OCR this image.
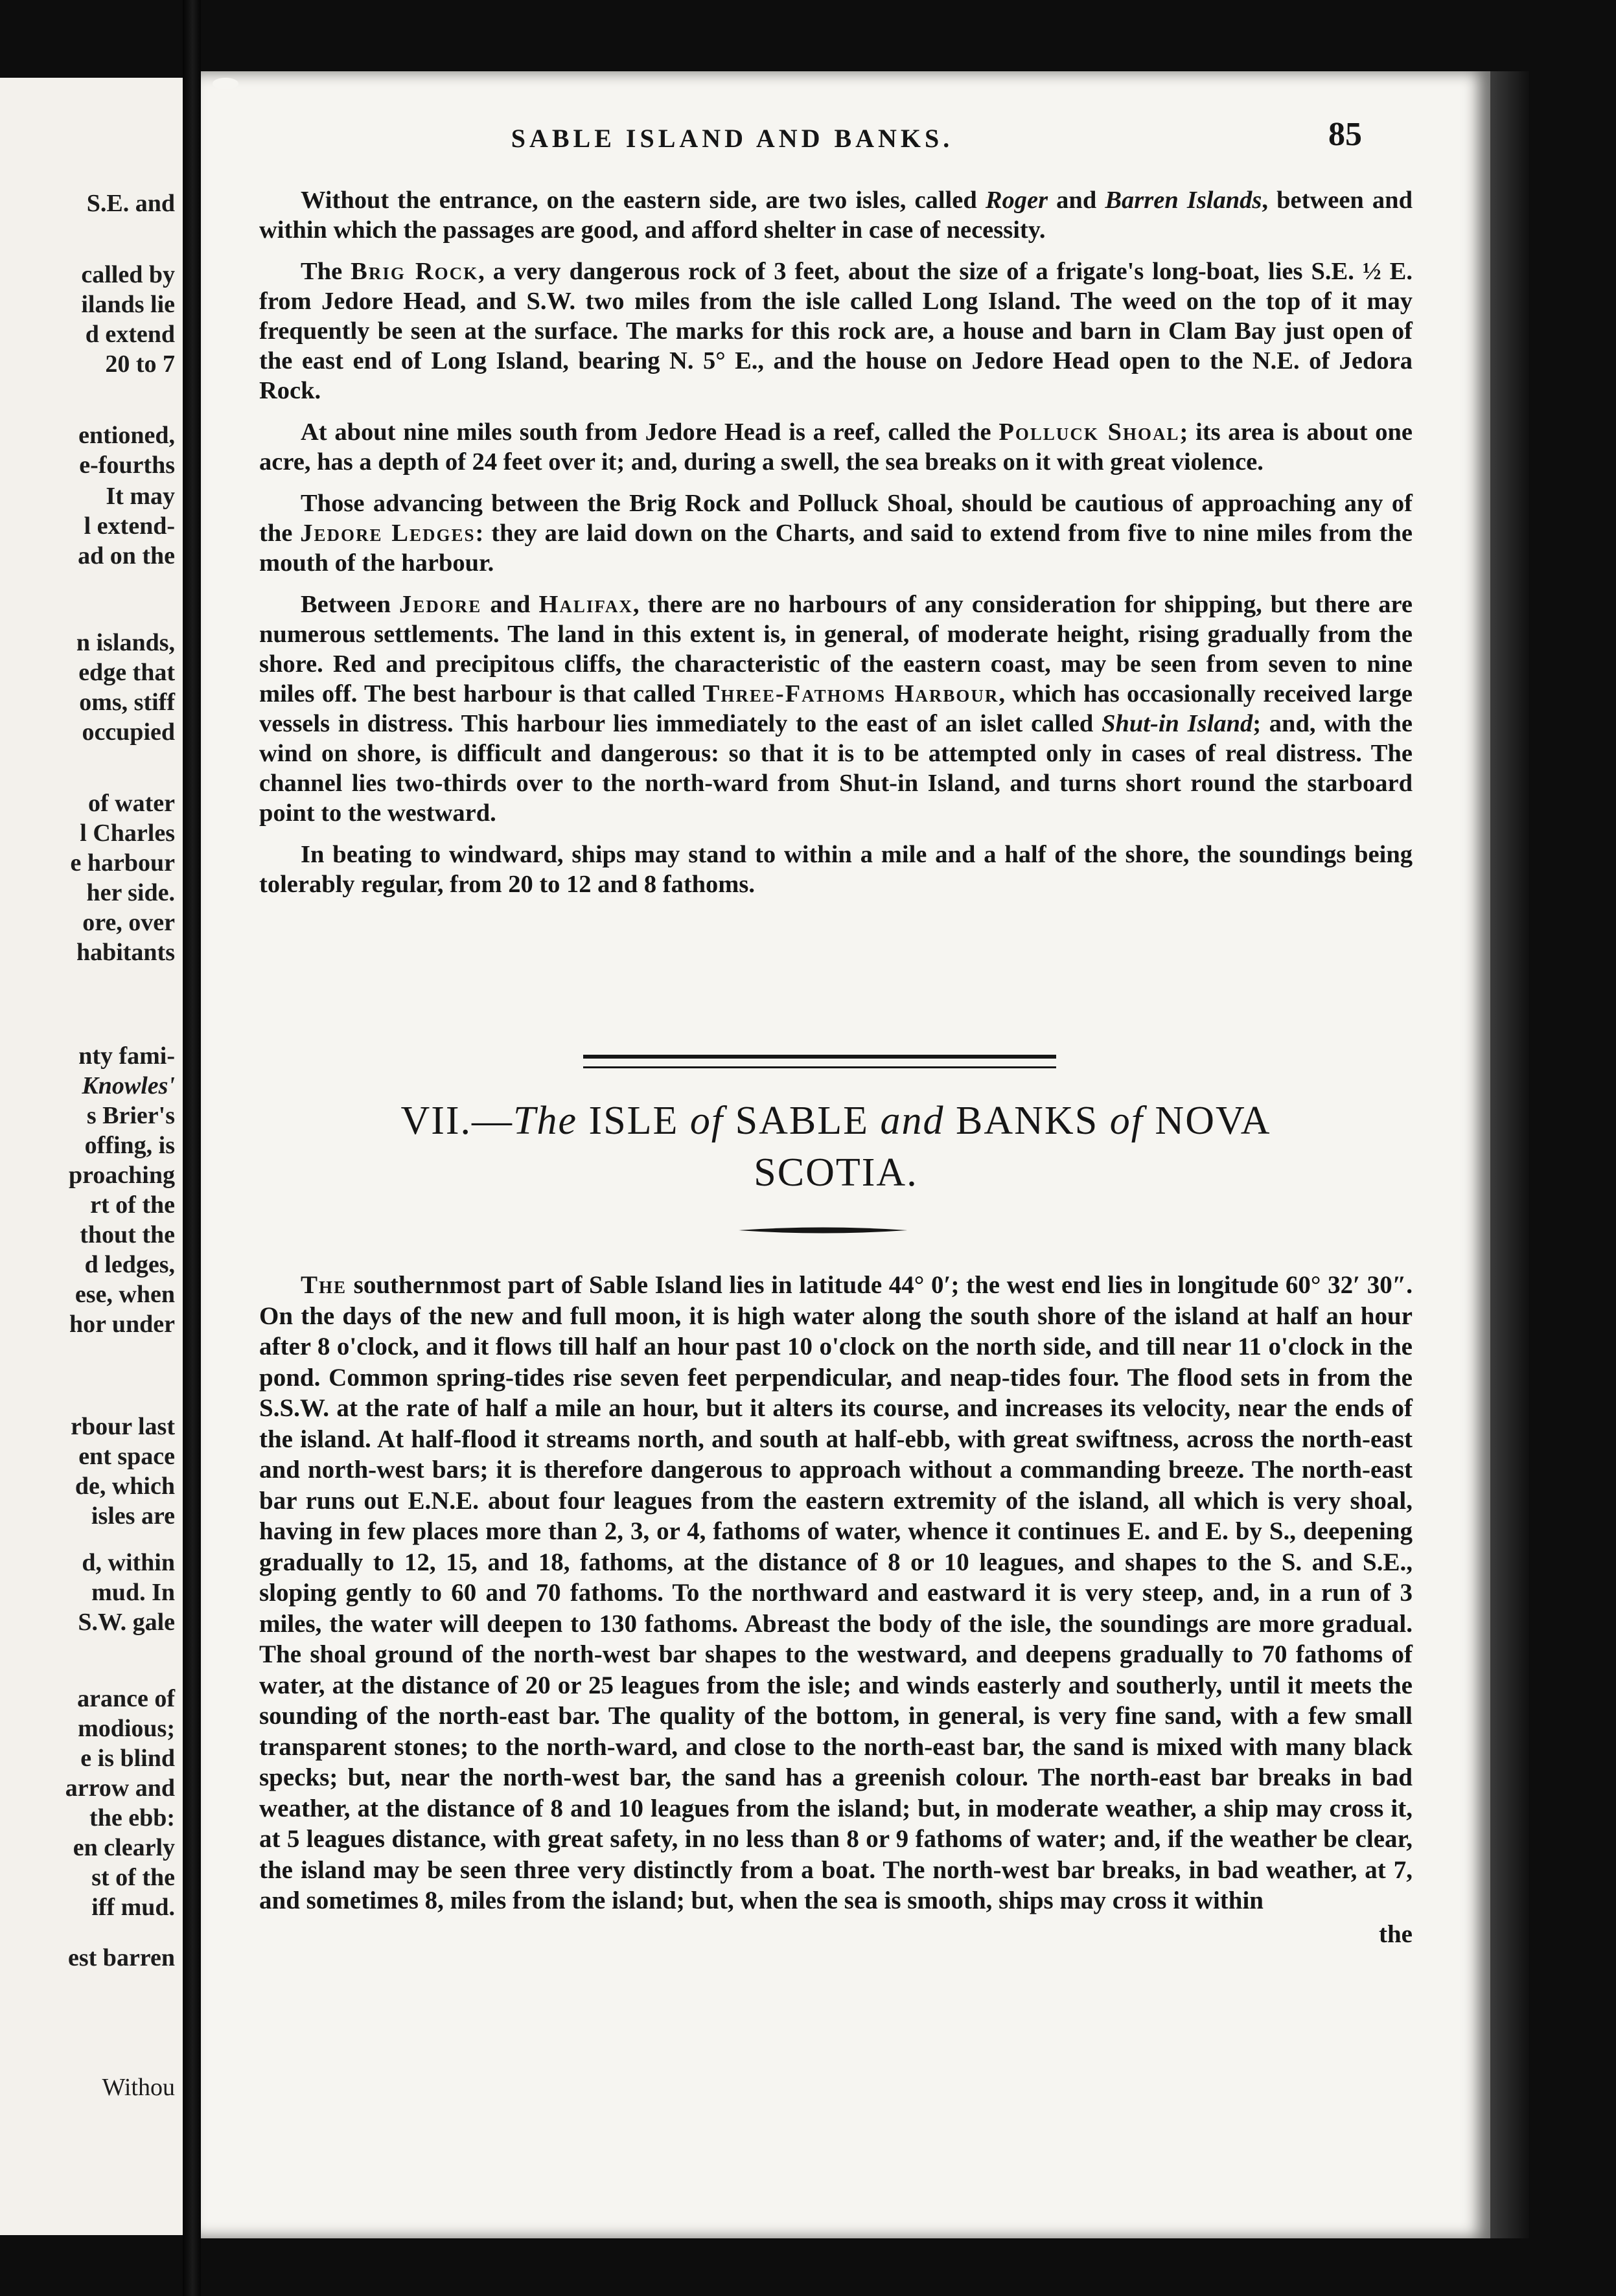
S.E. and
called by
ilands lie
d extend
20 to 7
entioned,
e-fourths
It may
l extend-
ad on the
n islands,
edge that
oms, stiff
occupied
of water
l Charles
e harbour
her side.
ore, over
habitants
nty fami-
Knowles'
s Brier's
offing, is
proaching
rt of the
thout the
d ledges,
ese, when
hor under
rbour last
ent space
de, which
isles are
d, within
mud. In
S.W. gale
arance of
modious;
e is blind
arrow and
the ebb:
en clearly
st of the
iff mud.
est barren
Withou
SABLE ISLAND AND BANKS.	85

Without the entrance, on the eastern side, are two isles, called Roger and Barren Islands, between and within which the passages are good, and afford shelter in case of necessity.

The Brig Rock, a very dangerous rock of 3 feet, about the size of a frigate's long-boat, lies S.E. ½ E. from Jedore Head, and S.W. two miles from the isle called Long Island. The weed on the top of it may frequently be seen at the surface. The marks for this rock are, a house and barn in Clam Bay just open of the east end of Long Island, bearing N. 5° E., and the house on Jedore Head open to the N.E. of Jedora Rock.

At about nine miles south from Jedore Head is a reef, called the Polluck Shoal; its area is about one acre, has a depth of 24 feet over it; and, during a swell, the sea breaks on it with great violence.

Those advancing between the Brig Rock and Polluck Shoal, should be cautious of approaching any of the Jedore Ledges: they are laid down on the Charts, and said to extend from five to nine miles from the mouth of the harbour.

Between Jedore and Halifax, there are no harbours of any consideration for shipping, but there are numerous settlements. The land in this extent is, in general, of moderate height, rising gradually from the shore. Red and precipitous cliffs, the characteristic of the eastern coast, may be seen from seven to nine miles off. The best harbour is that called Three-Fathoms Harbour, which has occasionally received large vessels in distress. This harbour lies immediately to the east of an islet called Shut-in Island; and, with the wind on shore, is difficult and dangerous: so that it is to be attempted only in cases of real distress. The channel lies two-thirds over to the north-ward from Shut-in Island, and turns short round the starboard point to the westward.

In beating to windward, ships may stand to within a mile and a half of the shore, the soundings being tolerably regular, from 20 to 12 and 8 fathoms.

VII.—The ISLE of SABLE and BANKS of NOVA
SCOTIA.

The southernmost part of Sable Island lies in latitude 44° 0′; the west end lies in longitude 60° 32′ 30″. On the days of the new and full moon, it is high water along the south shore of the island at half an hour after 8 o'clock, and it flows till half an hour past 10 o'clock on the north side, and till near 11 o'clock in the pond. Common spring-tides rise seven feet perpendicular, and neap-tides four. The flood sets in from the S.S.W. at the rate of half a mile an hour, but it alters its course, and increases its velocity, near the ends of the island. At half-flood it streams north, and south at half-ebb, with great swiftness, across the north-east and north-west bars; it is therefore dangerous to approach without a commanding breeze. The north-east bar runs out E.N.E. about four leagues from the eastern extremity of the island, all which is very shoal, having in few places more than 2, 3, or 4, fathoms of water, whence it continues E. and E. by S., deepening gradually to 12, 15, and 18, fathoms, at the distance of 8 or 10 leagues, and shapes to the S. and S.E., sloping gently to 60 and 70 fathoms. To the northward and eastward it is very steep, and, in a run of 3 miles, the water will deepen to 130 fathoms. Abreast the body of the isle, the soundings are more gradual. The shoal ground of the north-west bar shapes to the westward, and deepens gradually to 70 fathoms of water, at the distance of 20 or 25 leagues from the isle; and winds easterly and southerly, until it meets the sounding of the north-east bar. The quality of the bottom, in general, is very fine sand, with a few small transparent stones; to the north-ward, and close to the north-east bar, the sand is mixed with many black specks; but, near the north-west bar, the sand has a greenish colour. The north-east bar breaks in bad weather, at the distance of 8 and 10 leagues from the island; but, in moderate weather, a ship may cross it, at 5 leagues distance, with great safety, in no less than 8 or 9 fathoms of water; and, if the weather be clear, the island may be seen three very distinctly from a boat. The north-west bar breaks, in bad weather, at 7, and sometimes 8, miles from the island; but, when the sea is smooth, ships may cross it within

the
